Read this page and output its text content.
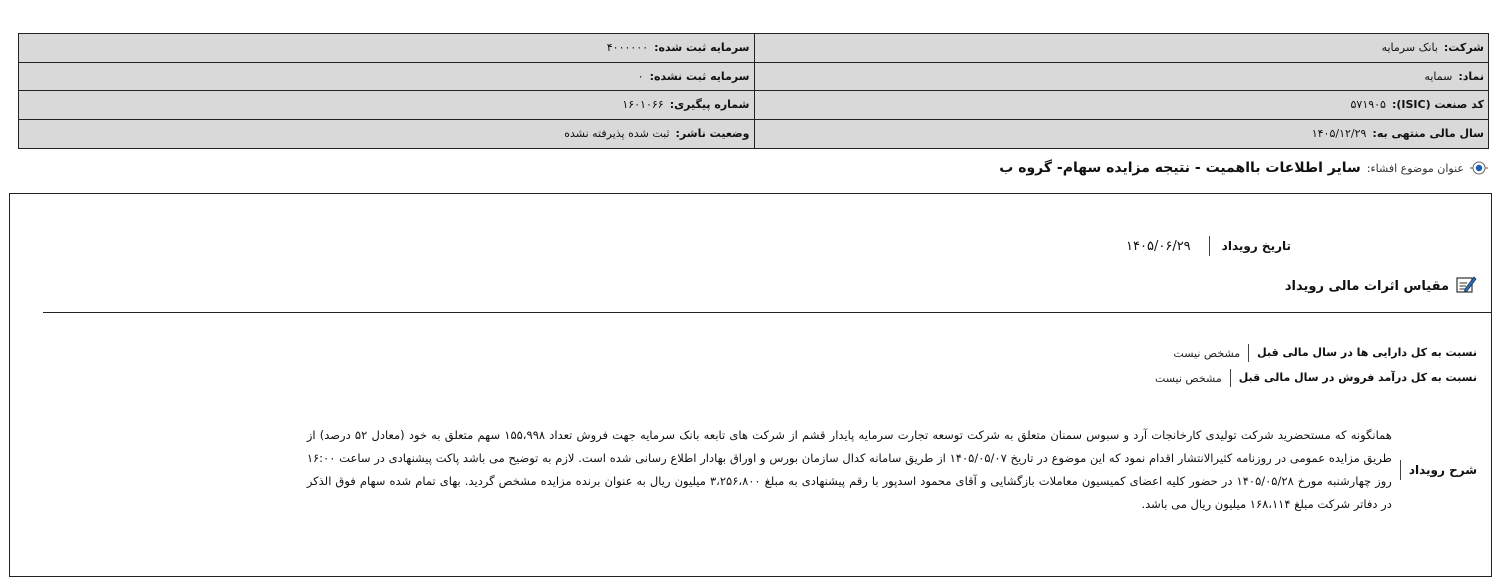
شرکت:
بانک سرمایه
سرمایه ثبت شده:
۴۰۰۰۰۰۰
نماد:
سمایه
سرمایه ثبت نشده:
۰
کد صنعت (ISIC):
۵۷۱۹۰۵
شماره پیگیری:
۱۶۰۱۰۶۶
سال مالی منتهی به:
۱۴۰۵/۱۲/۲۹
وضعیت ناشر:
ثبت شده پذیرفته نشده
عنوان موضوع افشاء:
سایر اطلاعات بااهمیت - نتیجه مزایده سهام- گروه ب
تاریخ رویداد
۱۴۰۵/۰۶/۲۹
مقیاس اثرات مالی رویداد
نسبت به کل دارایی ها در سال مالی قبل
مشخص نیست
نسبت به کل درآمد فروش در سال مالی قبل
مشخص نیست
شرح رویداد
همانگونه که مستحضرید شرکت تولیدی کارخانجات آرد و سبوس سمنان متعلق به شرکت توسعه تجارت سرمایه پایدار قشم از شرکت های تابعه بانک سرمایه جهت فروش تعداد ۱۵۵،۹۹۸ سهم متعلق به خود (معادل ۵۲ درصد) از طریق مزایده عمومی در روزنامه کثیرالانتشار اقدام نمود که این موضوع در تاریخ ۱۴۰۵/۰۵/۰۷ از طریق سامانه کدال سازمان بورس و اوراق بهادار اطلاع رسانی شده است. لازم به توضیح می باشد پاکت پیشنهادی در ساعت ۱۶:۰۰ روز چهارشنبه مورخ ۱۴۰۵/۰۵/۲۸ در حضور کلیه اعضای کمیسیون معاملات بازگشایی و آقای محمود اسدپور با رقم پیشنهادی به مبلغ ۳،۲۵۶،۸۰۰ میلیون ریال به عنوان برنده مزایده مشخص گردید. بهای تمام شده سهام فوق الذکر در دفاتر شرکت مبلغ ۱۶۸،۱۱۴ میلیون ریال می باشد.
